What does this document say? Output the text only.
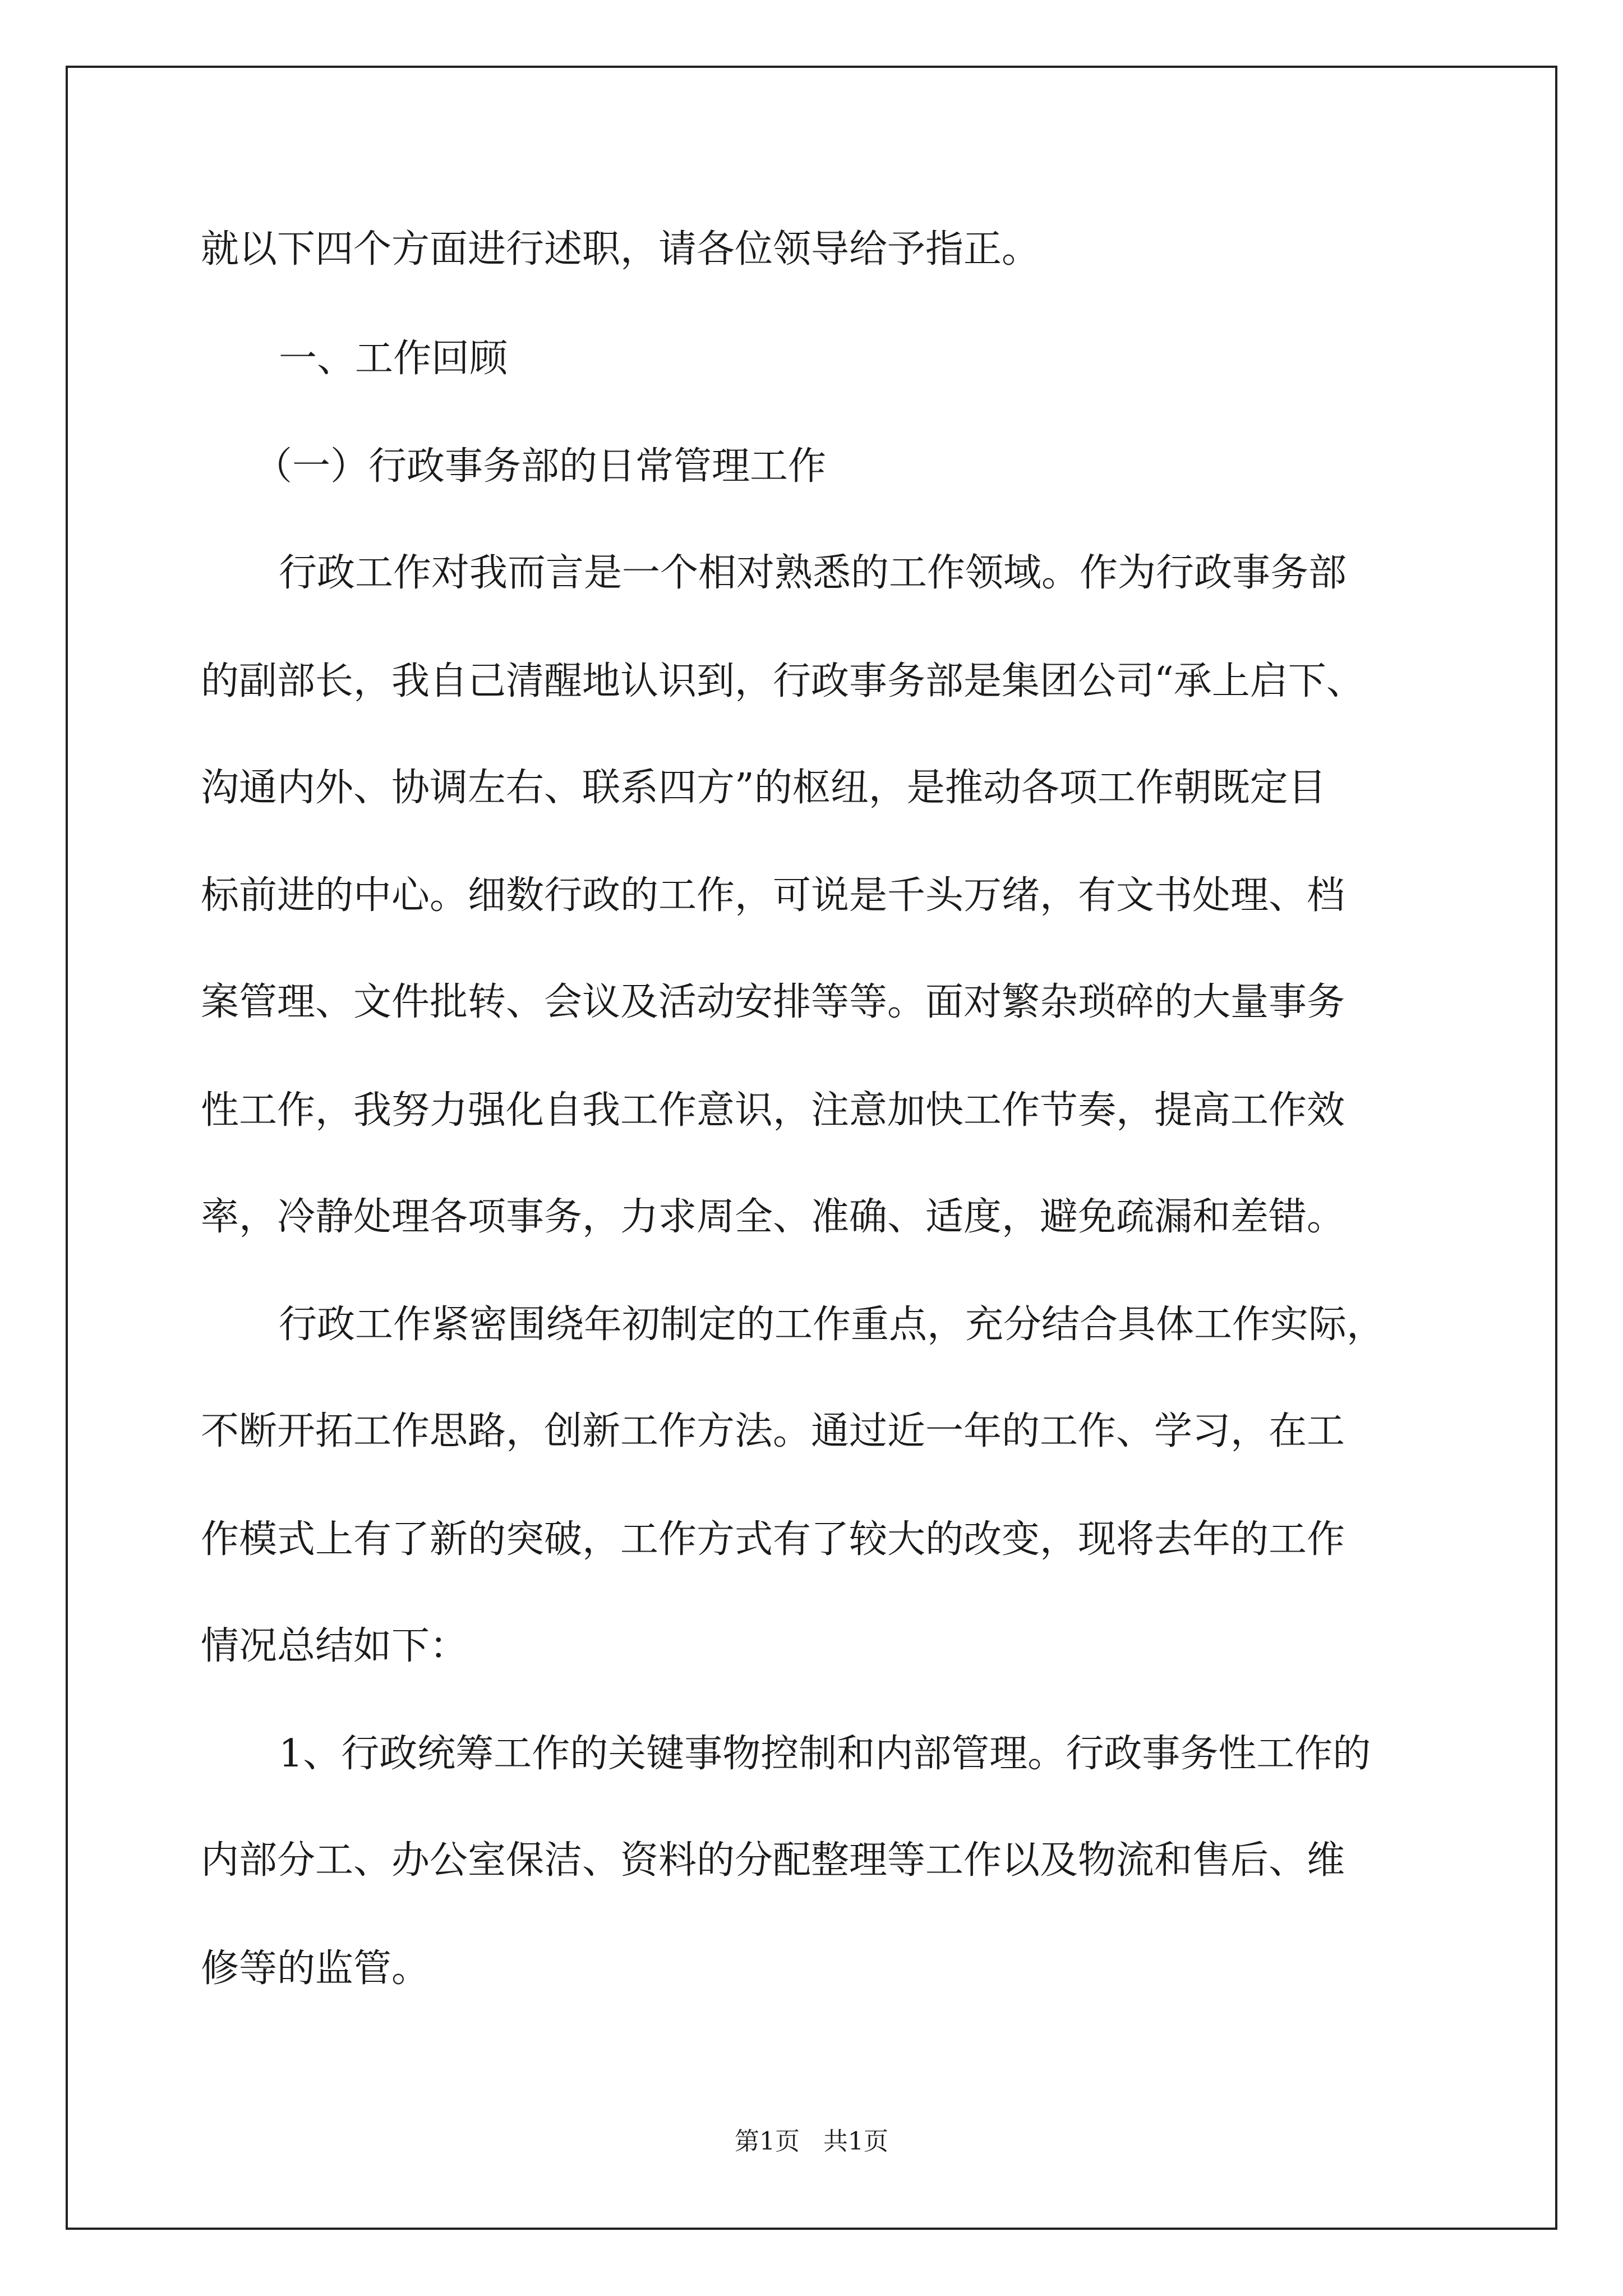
就以下四个方面进行述职，请各位领导给予指正。

一、工作回顾

（一）行政事务部的日常管理工作

行政工作对我而言是一个相对熟悉的工作领域。作为行政事务部

的副部长，我自己清醒地认识到，行政事务部是集团公司“承上启下、

沟通内外、协调左右、联系四方”的枢纽，是推动各项工作朝既定目

标前进的中心。细数行政的工作，可说是千头万绪，有文书处理、档

案管理、文件批转、会议及活动安排等等。面对繁杂琐碎的大量事务

性工作，我努力强化自我工作意识，注意加快工作节奏，提高工作效

率，冷静处理各项事务，力求周全、准确、适度，避免疏漏和差错。

行政工作紧密围绕年初制定的工作重点，充分结合具体工作实际，

不断开拓工作思路，创新工作方法。通过近一年的工作、学习，在工

作模式上有了新的突破，工作方式有了较大的改变，现将去年的工作

情况总结如下：

1、行政统筹工作的关键事物控制和内部管理。行政事务性工作的

内部分工、办公室保洁、资料的分配整理等工作以及物流和售后、维

修等的监管。

第1页   共1页
